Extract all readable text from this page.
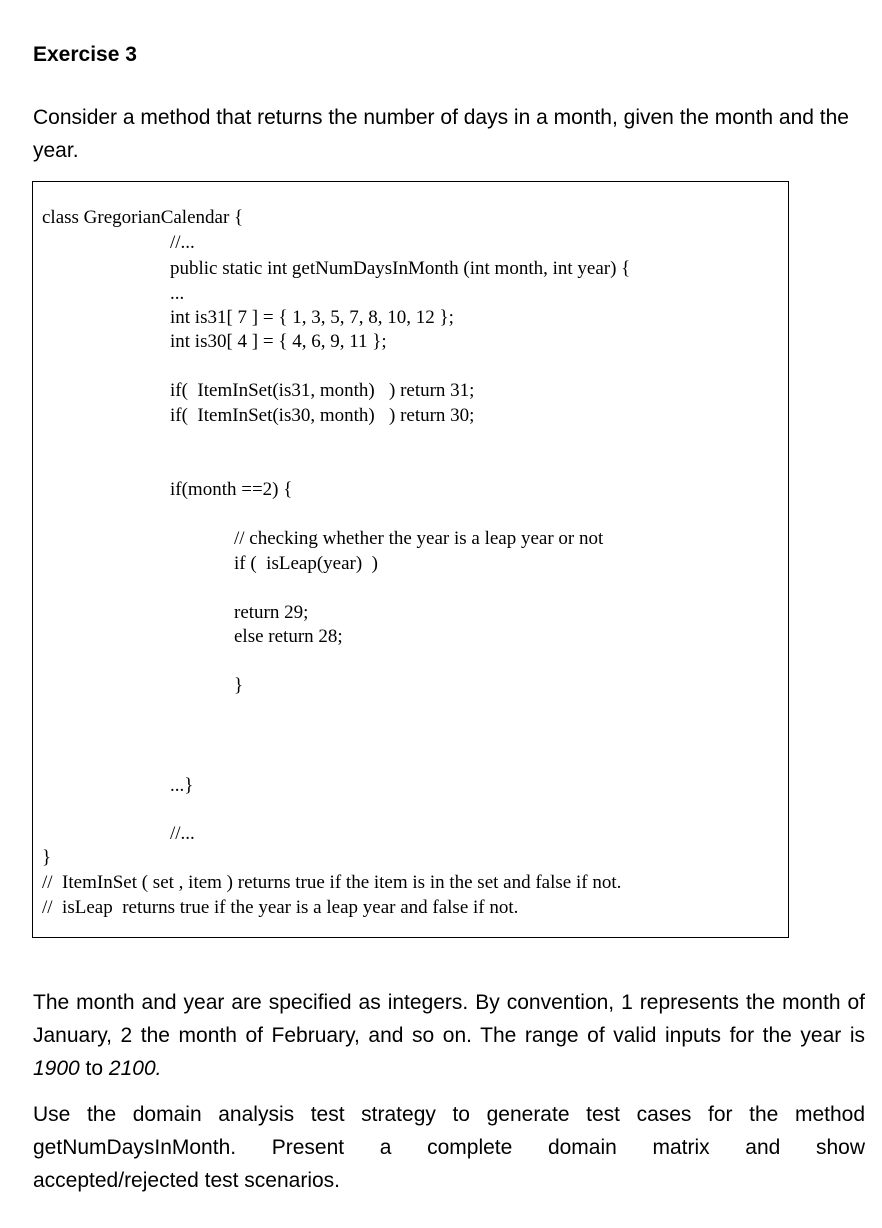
Exercise 3
Consider a method that returns the number of days in a month, given the month and the year.
class GregorianCalendar {
//...
public static int getNumDaysInMonth (int month, int year) {
...
int is31[ 7 ] = { 1, 3, 5, 7, 8, 10, 12 };
int is30[ 4 ] = { 4, 6, 9, 11 };
if(  ItemInSet(is31, month)   ) return 31;
if(  ItemInSet(is30, month)   ) return 30;
if(month ==2) {
// checking whether the year is a leap year or not
if (  isLeap(year)  )
return 29;
else return 28;
}
...}
//...
}
//  ItemInSet ( set , item ) returns true if the item is in the set and false if not.
//  isLeap  returns true if the year is a leap year and false if not.
The month and year are specified as integers. By convention, 1 represents the month of January, 2 the month of February, and so on. The range of valid inputs for the year is 1900 to 2100.
Use the domain analysis test strategy to generate test cases for the method
getNumDaysInMonth. Present a complete domain matrix and show
accepted/rejected test scenarios.
